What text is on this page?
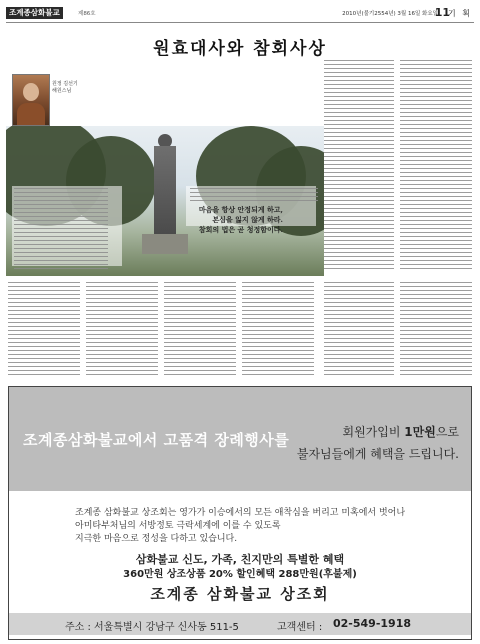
조계종삼화불교	제86호	2010년(불기2554년) 3월 16일 화요일
11
기 획
원효대사와 참회사상
원정 김선기
해원스님
마음을 항상 안정되게 하고,
본심을 잃지 않게 하라.
참회의 법은 곧 청정함이다.
조계종삼화불교에서 고품격 장례행사를	회원가입비 1만원으로
불자님들에게 혜택을 드립니다.
조계종 삼화불교 상조회는 영가가 이승에서의 모든 애착심을 버리고 미혹에서 벗어나
아미타부처님의 서방정토 극락세계에 이를 수 있도록
지극한 마음으로 정성을 다하고 있습니다.
삼화불교 신도, 가족, 친지만의 특별한 혜택
360만원 상조상품 20% 할인혜택 288만원(후불제)
조계종 삼화불교 상조회
주소 : 서울특별시 강남구 신사동 511-5	고객센터 : 02-549-1918
